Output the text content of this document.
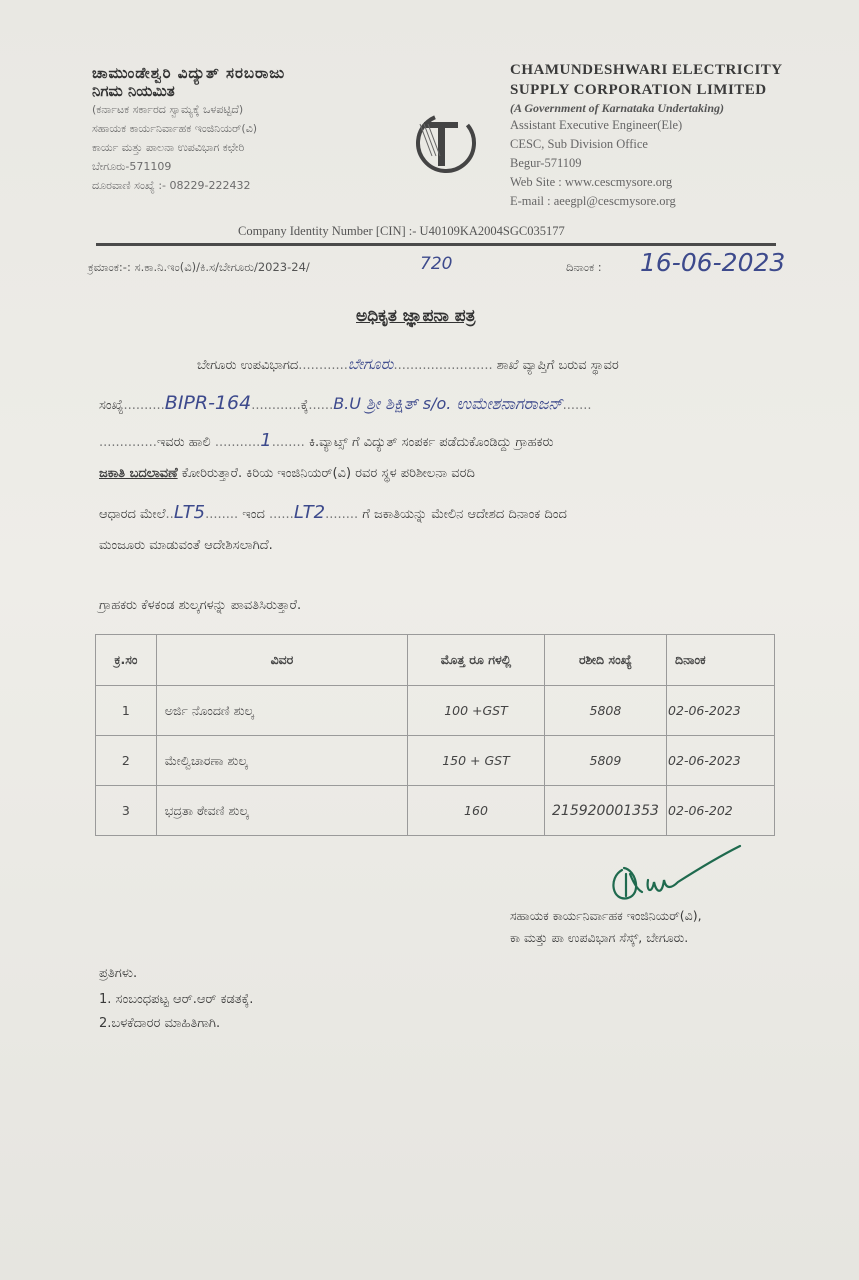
ಚಾಮುಂಡೇಶ್ವರಿ ವಿದ್ಯುತ್ ಸರಬರಾಜು
ನಿಗಮ ನಿಯಮಿತ
(ಕರ್ನಾಟಕ ಸರ್ಕಾರದ ಸ್ವಾಮ್ಯಕ್ಕೆ ಒಳಪಟ್ಟಿದೆ)
ಸಹಾಯಕ ಕಾರ್ಯನಿರ್ವಾಹಕ ಇಂಜಿನಿಯರ್(ವಿ)
ಕಾರ್ಯ ಮತ್ತು ಪಾಲನಾ ಉಪವಿಭಾಗ ಕಛೇರಿ
ಬೇಗೂರು-571109
ದೂರವಾಣಿ ಸಂಖ್ಯೆ :- 08229-222432
CHAMUNDESHWARI ELECTRICITY
SUPPLY CORPORATION LIMITED
(A Government of Karnataka Undertaking)
Assistant Executive Engineer(Ele)
CESC, Sub Division Office
Begur-571109
Web Site : www.cescmysore.org
E-mail : aeegpl@cescmysore.org
Company Identity Number [CIN] :- U40109KA2004SGC035177
ಕ್ರಮಾಂಕ:-: ಸ.ಕಾ.ನಿ.ಇಂ(ವಿ)/ಕಿ.ಸ/ಬೇಗೂರು/2023-24/	720	ದಿನಾಂಕ : 16-06-2023
ಅಧಿಕೃತ ಜ್ಞಾಪನಾ ಪತ್ರ
ಬೇಗೂರು ಉಪವಿಭಾಗದ............ಬೇಗೂರು........................ ಶಾಖೆ ವ್ಯಾಪ್ತಿಗೆ ಬರುವ ಸ್ಥಾವರ
ಸಂಖ್ಯೆ..........BIPR-164............ಕ್ಕೆ......B.U ಶ್ರೀ ಶಿಕ್ಷಿತ್ s/o. ಉಮೇಶನಾಗರಾಜನ್.......
..............ಇವರು ಹಾಲಿ ...........1........ ಕಿ.ವ್ಯಾಟ್ಸ್ ಗೆ ವಿದ್ಯುತ್ ಸಂಪರ್ಕ ಪಡೆದುಕೊಂಡಿದ್ದು ಗ್ರಾಹಕರು
ಜಕಾತಿ ಬದಲಾವಣೆ ಕೋರಿರುತ್ತಾರೆ. ಕಿರಿಯ ಇಂಜಿನಿಯರ್(ವಿ) ರವರ ಸ್ಥಳ ಪರಿಶೀಲನಾ ವರದಿ
ಆಧಾರದ ಮೇಲೆ..LT5........ ಇಂದ ......LT2........ ಗೆ ಜಕಾತಿಯನ್ನು ಮೇಲಿನ ಆದೇಶದ ದಿನಾಂಕ ದಿಂದ
ಮಂಜೂರು ಮಾಡುವಂತೆ ಆದೇಶಿಸಲಾಗಿದೆ.
ಗ್ರಾಹಕರು ಕೆಳಕಂಡ ಶುಲ್ಕಗಳನ್ನು ಪಾವತಿಸಿರುತ್ತಾರೆ.
ಕ್ರ.ಸಂ	ವಿವರ	ಮೊತ್ತ ರೂ ಗಳಲ್ಲಿ	ರಶೀದಿ ಸಂಖ್ಯೆ	ದಿನಾಂಕ
1	ಅರ್ಜಿ ನೊಂದಣಿ ಶುಲ್ಕ	100 +GST	5808	02-06-2023
2	ಮೇಲ್ವಿಚಾರಣಾ ಶುಲ್ಕ	150 + GST	5809	02-06-2023
3	ಭದ್ರತಾ ಠೇವಣಿ ಶುಲ್ಕ	160	215920001353	02-06-202
ಸಹಾಯಕ ಕಾರ್ಯನಿರ್ವಾಹಕ ಇಂಜಿನಿಯರ್(ವಿ),
ಕಾ ಮತ್ತು ಪಾ ಉಪವಿಭಾಗ ಸೆಸ್ಕ್, ಬೇಗೂರು.
ಪ್ರತಿಗಳು.
1. ಸಂಬಂಧಪಟ್ಟ ಆರ್.ಆರ್ ಕಡತಕ್ಕೆ.
2.ಬಳಕೆದಾರರ ಮಾಹಿತಿಗಾಗಿ.
